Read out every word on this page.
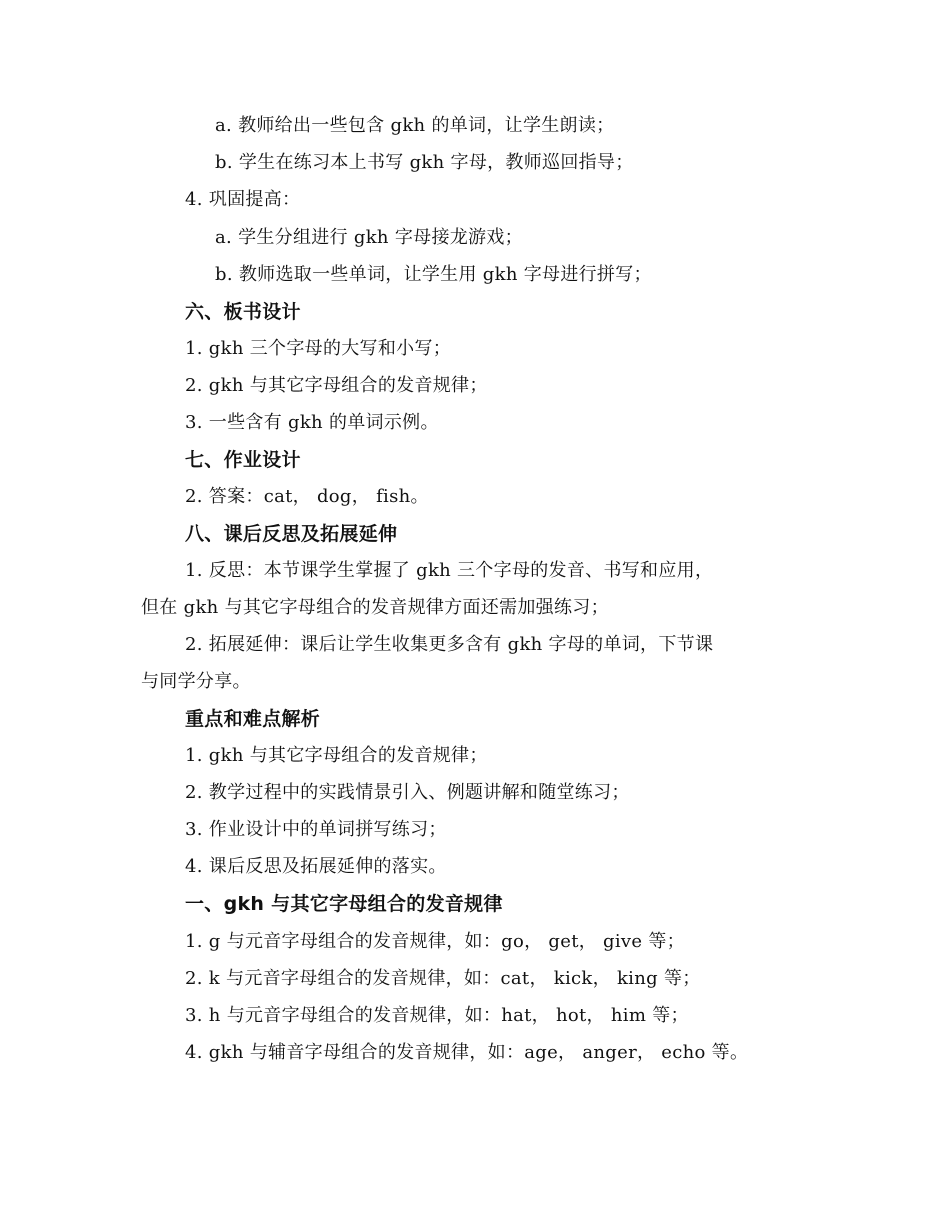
a. 教师给出一些包含 gkh 的单词，让学生朗读；
b. 学生在练习本上书写 gkh 字母，教师巡回指导；
4. 巩固提高：
a. 学生分组进行 gkh 字母接龙游戏；
b. 教师选取一些单词，让学生用 gkh 字母进行拼写；
六、板书设计
1. gkh 三个字母的大写和小写；
2. gkh 与其它字母组合的发音规律；
3. 一些含有 gkh 的单词示例。
七、作业设计
2. 答案：cat， dog， fish。
八、课后反思及拓展延伸
1. 反思：本节课学生掌握了 gkh 三个字母的发音、书写和应用，
但在 gkh 与其它字母组合的发音规律方面还需加强练习；
2. 拓展延伸：课后让学生收集更多含有 gkh 字母的单词，下节课
与同学分享。
重点和难点解析
1. gkh 与其它字母组合的发音规律；
2. 教学过程中的实践情景引入、例题讲解和随堂练习；
3. 作业设计中的单词拼写练习；
4. 课后反思及拓展延伸的落实。
一、gkh 与其它字母组合的发音规律
1. g 与元音字母组合的发音规律，如：go， get， give 等；
2. k 与元音字母组合的发音规律，如：cat， kick， king 等；
3. h 与元音字母组合的发音规律，如：hat， hot， him 等；
4. gkh 与辅音字母组合的发音规律，如：age， anger， echo 等。
